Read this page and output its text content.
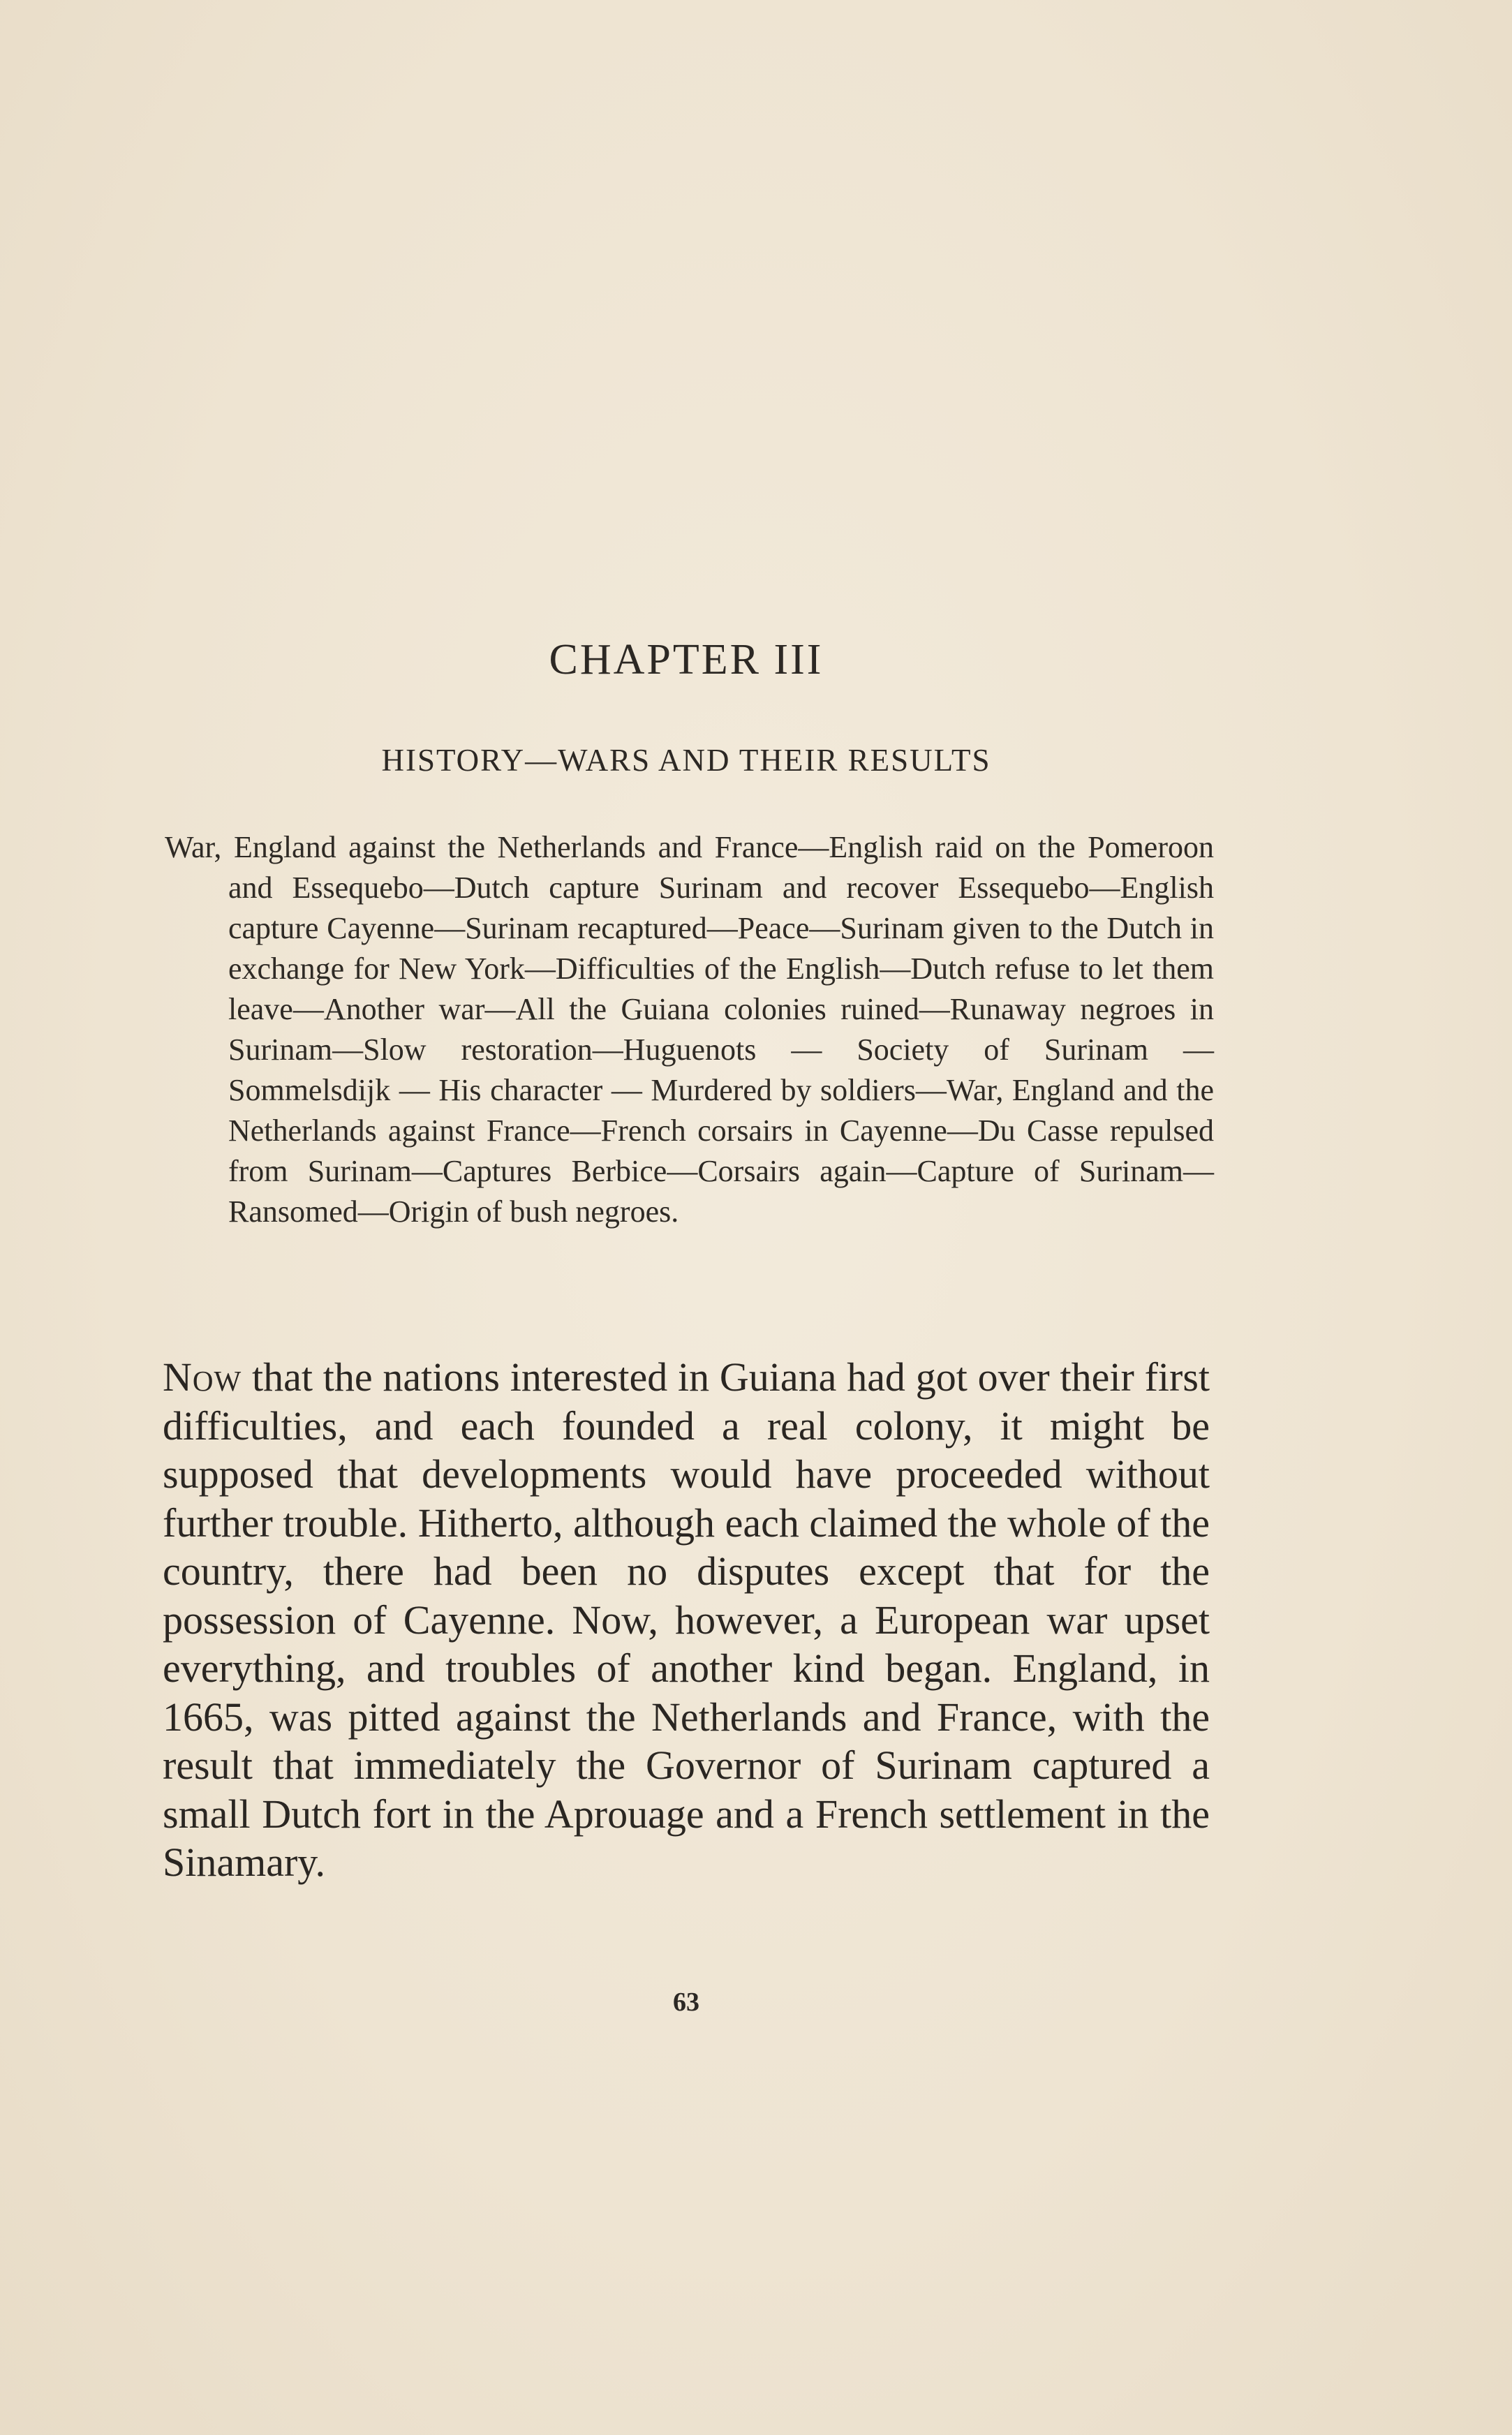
CHAPTER III
HISTORY—WARS AND THEIR RESULTS

War, England against the Netherlands and France—English raid on the Pomeroon and Essequebo—Dutch capture Surinam and recover Essequebo—English capture Cayenne—Surinam recaptured—Peace—Surinam given to the Dutch in exchange for New York—Difficulties of the English—Dutch refuse to let them leave—Another war—All the Guiana colonies ruined—Runaway negroes in Surinam—Slow restoration—Huguenots — Society of Surinam — Sommelsdijk — His character — Murdered by soldiers—War, England and the Netherlands against France—French corsairs in Cayenne—Du Casse repulsed from Surinam—Captures Berbice—Corsairs again—Capture of Surinam—Ransomed—Origin of bush negroes.

Now that the nations interested in Guiana had got over their first difficulties, and each founded a real colony, it might be supposed that developments would have proceeded without further trouble. Hitherto, although each claimed the whole of the country, there had been no disputes except that for the possession of Cayenne. Now, however, a European war upset everything, and troubles of another kind began. England, in 1665, was pitted against the Netherlands and France, with the result that immediately the Governor of Surinam captured a small Dutch fort in the Aprouage and a French settlement in the Sinamary.

63
